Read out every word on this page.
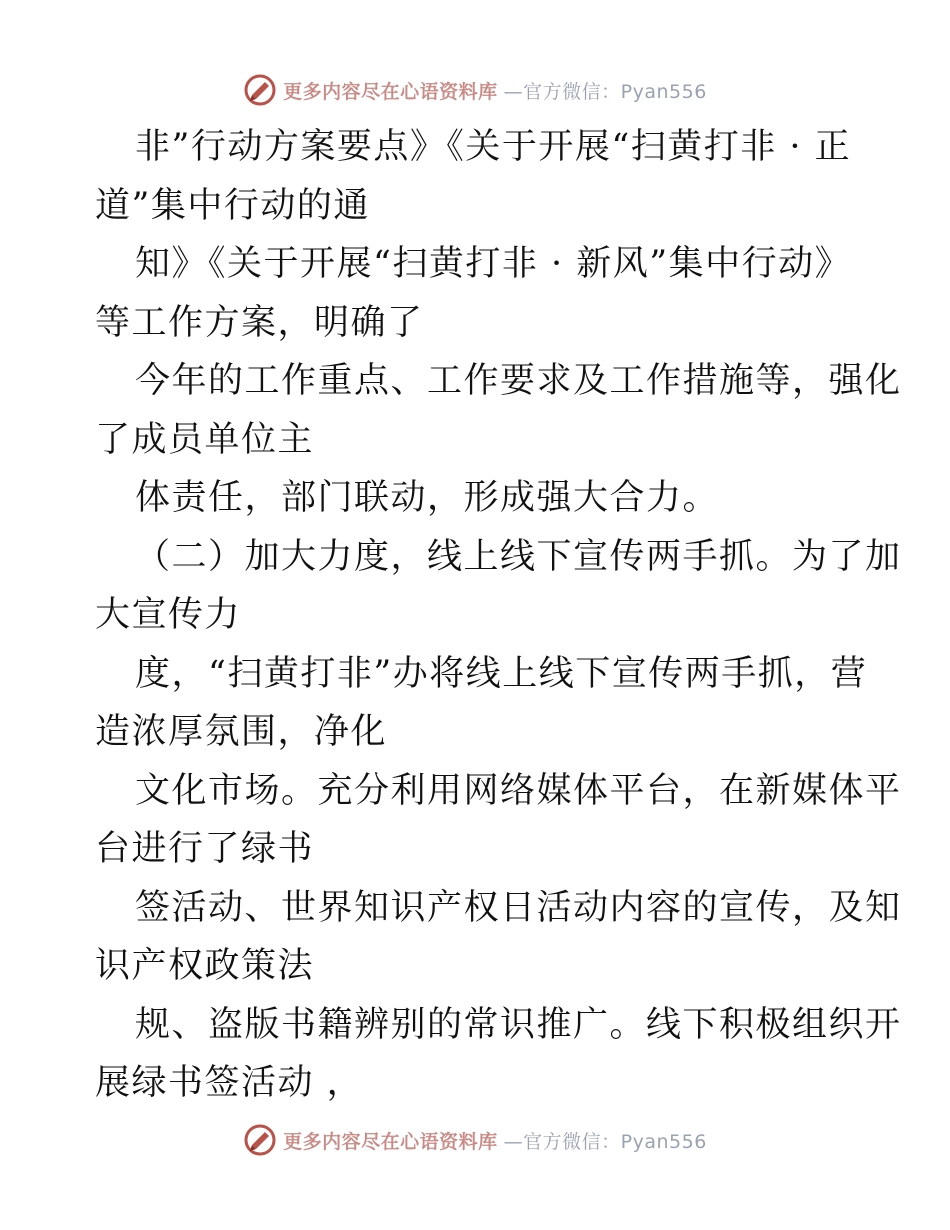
更多内容尽在心语资料库 —官方微信：Pyan556
非”行动方案要点》《关于开展“扫黄打非 · 正
道”集中行动的通
知》《关于开展“扫黄打非 · 新风”集中行动》
等工作方案，明确了
今年的工作重点、工作要求及工作措施等，强化
了成员单位主
体责任，部门联动，形成强大合力。
（二）加大力度，线上线下宣传两手抓。为了加
大宣传力
度，“扫黄打非”办将线上线下宣传两手抓，营
造浓厚氛围，净化
文化市场。充分利用网络媒体平台，在新媒体平
台进行了绿书
签活动、世界知识产权日活动内容的宣传，及知
识产权政策法
规、盗版书籍辨别的常识推广。线下积极组织开
展绿书签活动 ，
更多内容尽在心语资料库 —官方微信：Pyan556
